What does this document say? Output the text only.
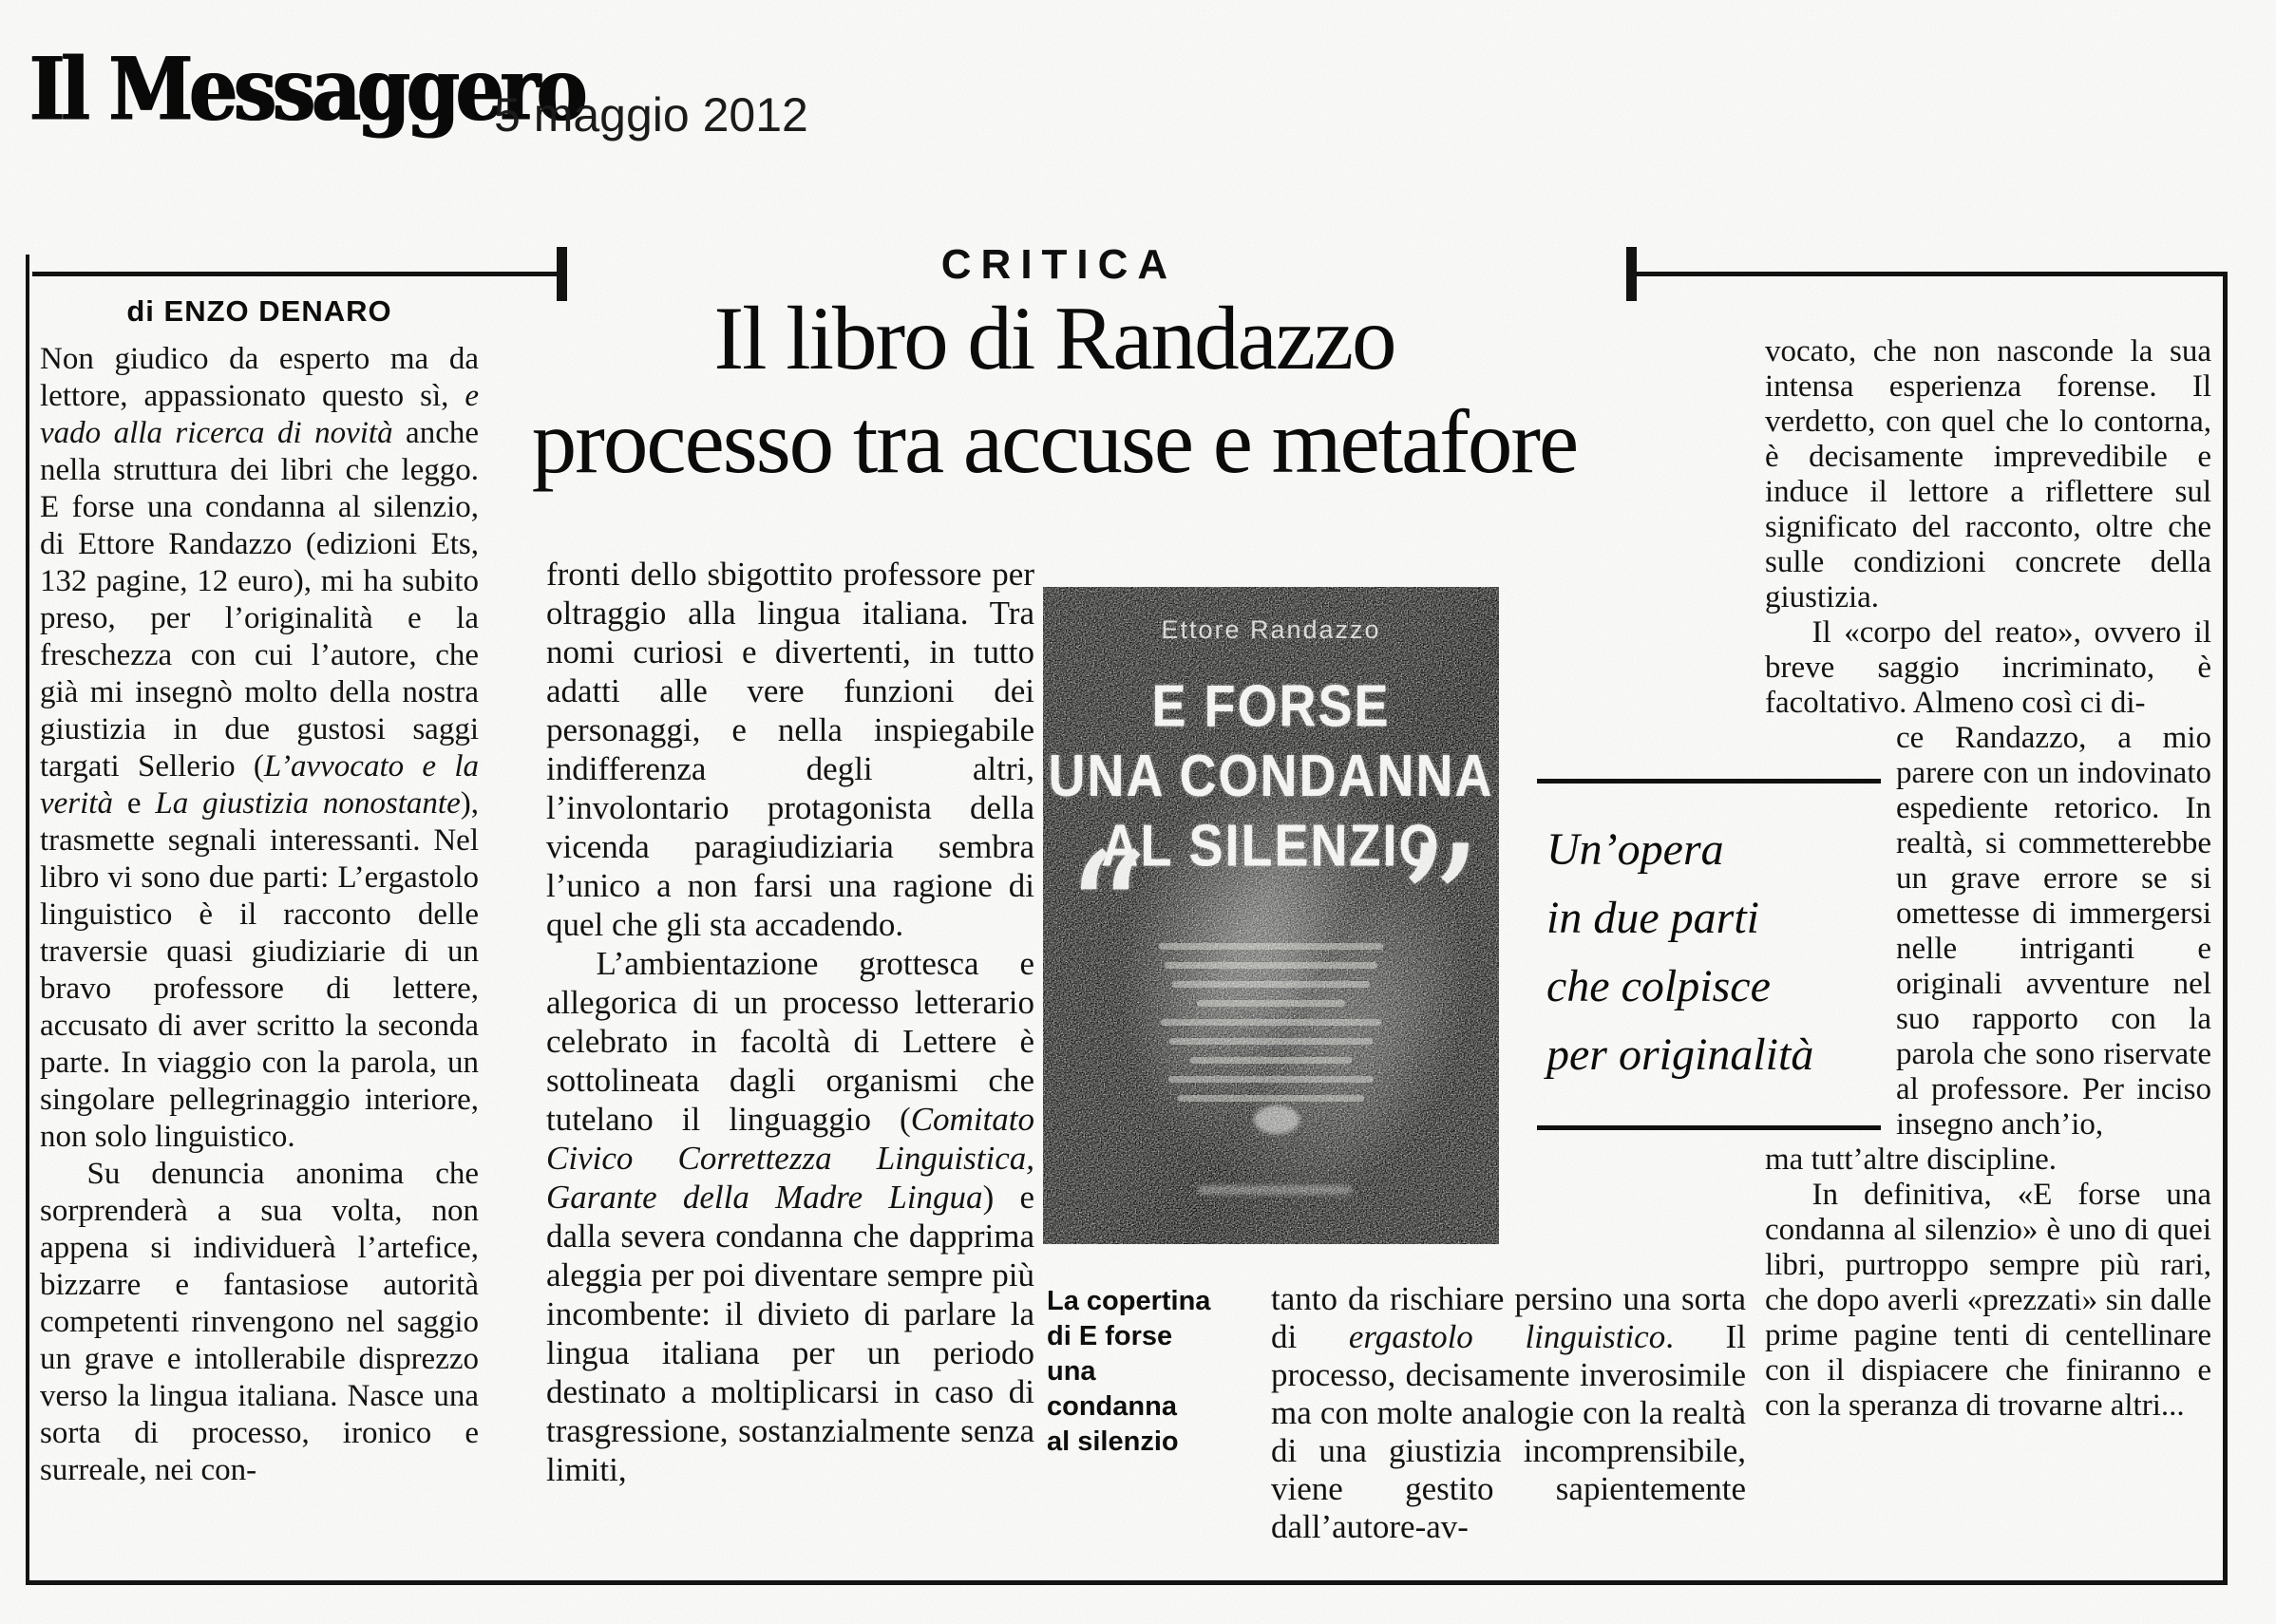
Il Messaggero
5 maggio 2012
CRITICA
Il libro di Randazzo
processo tra accuse e metafore

di ENZO DENARO

Non giudico da esperto ma da lettore, appassionato questo sì, e vado alla ricerca di novità anche nella struttura dei libri che leggo. E forse una condanna al silenzio, di Ettore Randazzo (edizioni Ets, 132 pagine, 12 euro), mi ha subito preso, per l’originalità e la freschezza con cui l’autore, che già mi insegnò molto della nostra giustizia in due gustosi saggi targati Sellerio (L’avvocato e la verità e La giustizia nonostante), trasmette segnali interessanti. Nel libro vi sono due parti: L’ergastolo linguistico è il racconto delle traversie quasi giudiziarie di un bravo professore di lettere, accusato di aver scritto la seconda parte. In viaggio con la parola, un singolare pellegrinaggio interiore, non solo linguistico.

Su denuncia anonima che sorprenderà a sua volta, non appena si individuerà l’artefice, bizzarre e fantasiose autorità competenti rinvengono nel saggio un grave e intollerabile disprezzo verso la lingua italiana. Nasce una sorta di processo, ironico e surreale, nei con-

fronti dello sbigottito professore per oltraggio alla lingua italiana. Tra nomi curiosi e divertenti, in tutto adatti alle vere funzioni dei personaggi, e nella inspiegabile indifferenza degli altri, l’involontario protagonista della vicenda paragiudiziaria sembra l’unico a non farsi una ragione di quel che gli sta accadendo.

L’ambientazione grottesca e allegorica di un processo letterario celebrato in facoltà di Lettere è sottolineata dagli organismi che tutelano il linguaggio (Comitato Civico Correttezza Linguistica, Garante della Madre Lingua) e dalla severa condanna che dapprima aleggia per poi diventare sempre più incombente: il divieto di parlare la lingua italiana per un periodo destinato a moltiplicarsi in caso di trasgressione, sostanzialmente senza limiti,

La copertina
di E forse
una
condanna
al silenzio

tanto da rischiare persino una sorta di ergastolo linguistico. Il processo, decisamente inverosimile ma con molte analogie con la realtà di una giustizia incomprensibile, viene gestito sapientemente dall’autore-av-

Un’opera
in due parti
che colpisce
per originalità

vocato, che non nasconde la sua intensa esperienza forense. Il verdetto, con quel che lo contorna, è decisamente imprevedibile e induce il lettore a riflettere sul significato del racconto, oltre che sulle condizioni concrete della giustizia.

Il «corpo del reato», ovvero il breve saggio incriminato, è facoltativo. Almeno così ci di-

ce Randazzo, a mio parere con un indovinato espediente retorico. In realtà, si commetterebbe un grave errore se si omettesse di immergersi nelle intriganti e originali avventure nel suo rapporto con la parola che sono riservate al professore. Per inciso insegno anch’io,

ma tutt’altre discipline.

In definitiva, «E forse una condanna al silenzio» è uno di quei libri, purtroppo sempre più rari, che dopo averli «prezzati» sin dalle prime pagine tenti di centellinare con il dispiacere che finiranno e con la speranza di trovarne altri...
